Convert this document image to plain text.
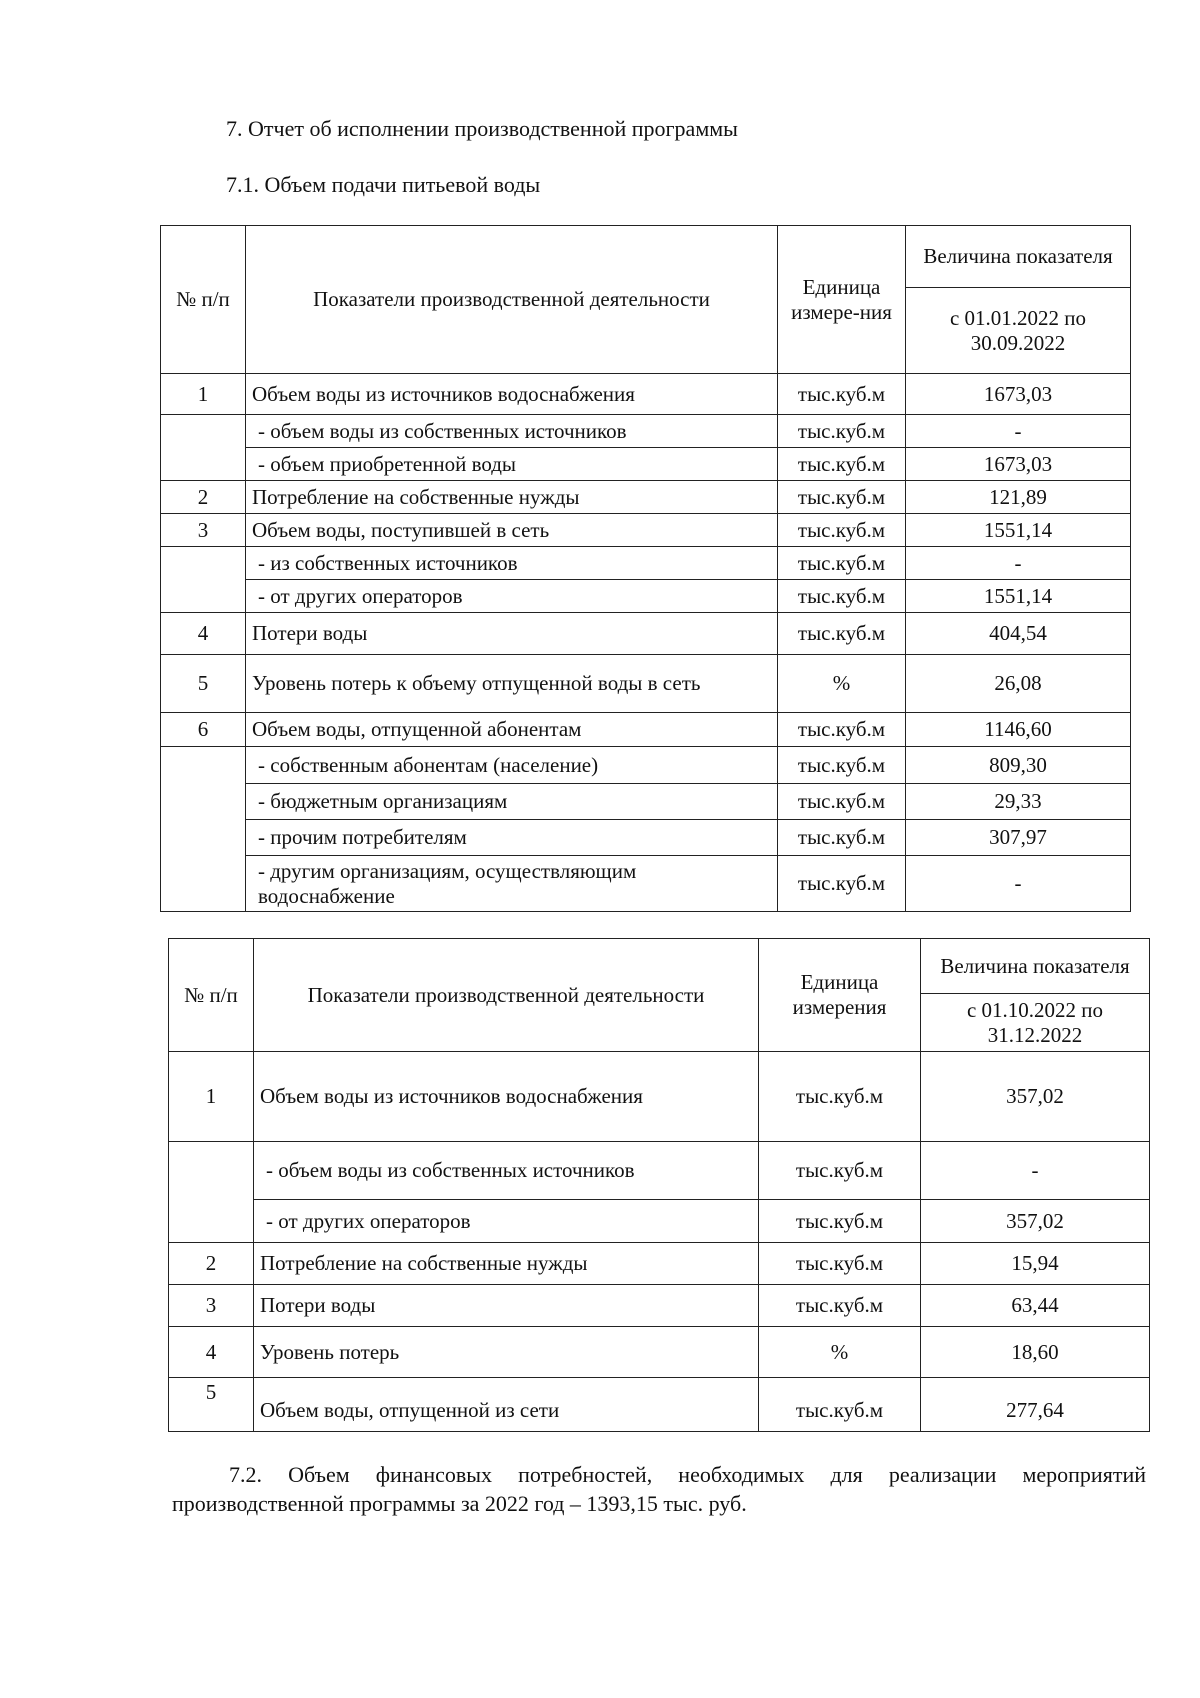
7. Отчет об исполнении производственной программы
7.1. Объем подачи питьевой воды
№ п/п	Показатели производственной деятельности	Единица измере-ния	Величина показателя
			с 01.01.2022 по 30.09.2022
1	Объем воды из источников водоснабжения	тыс.куб.м	1673,03
	- объем воды из собственных источников	тыс.куб.м	-
	- объем приобретенной воды	тыс.куб.м	1673,03
2	Потребление на собственные нужды	тыс.куб.м	121,89
3	Объем воды, поступившей в сеть	тыс.куб.м	1551,14
	- из собственных источников	тыс.куб.м	-
	- от других операторов	тыс.куб.м	1551,14
4	Потери воды	тыс.куб.м	404,54
5	Уровень потерь к объему отпущенной воды в сеть	%	26,08
6	Объем воды, отпущенной абонентам	тыс.куб.м	1146,60
	- собственным абонентам (население)	тыс.куб.м	809,30
	- бюджетным организациям	тыс.куб.м	29,33
	- прочим потребителям	тыс.куб.м	307,97
	- другим организациям, осуществляющим водоснабжение	тыс.куб.м	-
№ п/п	Показатели производственной деятельности	Единица измерения	Величина показателя
			с 01.10.2022 по 31.12.2022
1	Объем воды из источников водоснабжения	тыс.куб.м	357,02
	- объем воды из собственных источников	тыс.куб.м	-
	- от других операторов	тыс.куб.м	357,02
2	Потребление на собственные нужды	тыс.куб.м	15,94
3	Потери воды	тыс.куб.м	63,44
4	Уровень потерь	%	18,60
5	Объем воды, отпущенной из сети	тыс.куб.м	277,64

7.2. Объем финансовых потребностей, необходимых для реализации мероприятий производственной программы за 2022 год – 1393,15 тыс. руб.
